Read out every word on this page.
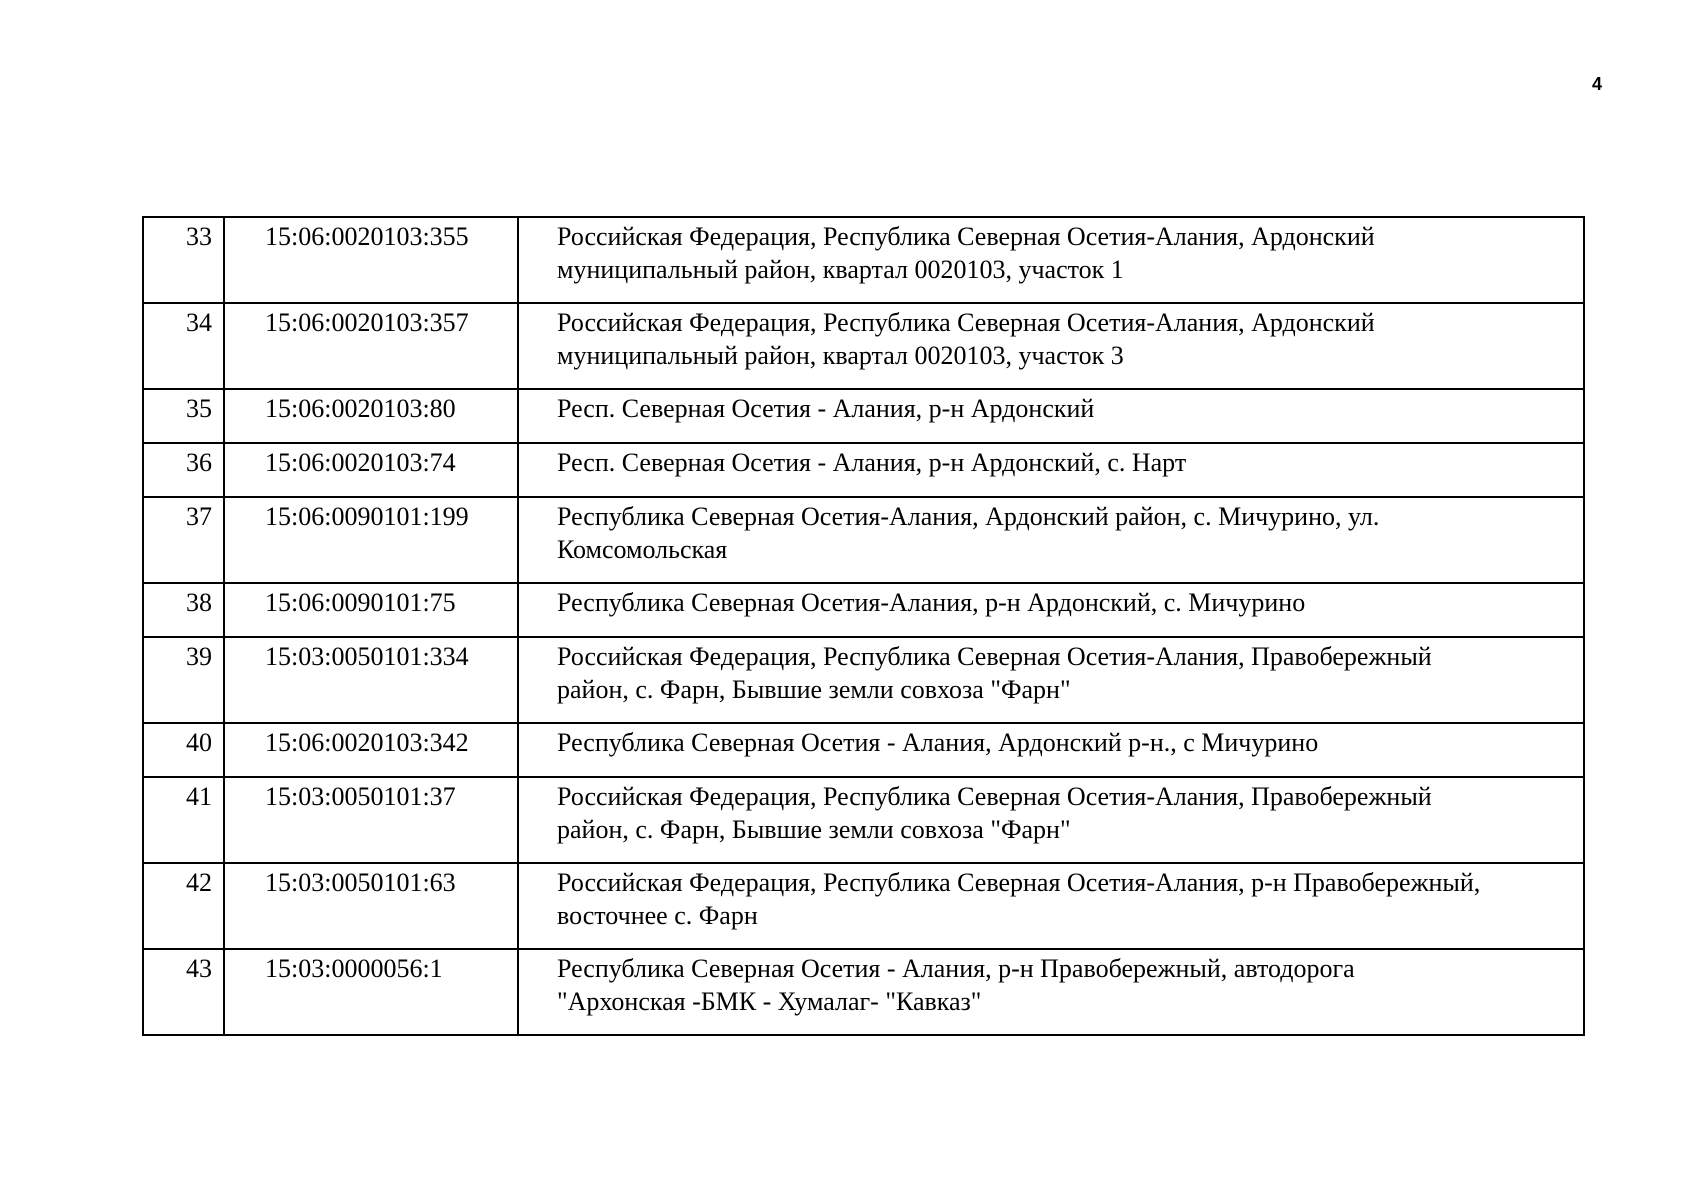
4
33	15:06:0020103:355	Российская Федерация, Республика Северная Осетия-Алания, Ардонский
муниципальный район, квартал 0020103, участок 1
34	15:06:0020103:357	Российская Федерация, Республика Северная Осетия-Алания, Ардонский
муниципальный район, квартал 0020103, участок 3
35	15:06:0020103:80	Респ. Северная Осетия - Алания, р-н Ардонский
36	15:06:0020103:74	Респ. Северная Осетия - Алания, р-н Ардонский, с. Нарт
37	15:06:0090101:199	Республика Северная Осетия-Алания, Ардонский район, с. Мичурино, ул.
Комсомольская
38	15:06:0090101:75	Республика Северная Осетия-Алания, р-н Ардонский, с. Мичурино
39	15:03:0050101:334	Российская Федерация, Республика Северная Осетия-Алания, Правобережный
район, с. Фарн, Бывшие земли совхоза "Фарн"
40	15:06:0020103:342	Республика Северная Осетия - Алания, Ардонский р-н., с Мичурино
41	15:03:0050101:37	Российская Федерация, Республика Северная Осетия-Алания, Правобережный
район, с. Фарн, Бывшие земли совхоза "Фарн"
42	15:03:0050101:63	Российская Федерация, Республика Северная Осетия-Алания, р-н Правобережный,
восточнее с. Фарн
43	15:03:0000056:1	Республика Северная Осетия - Алания, р-н Правобережный, автодорога
"Архонская -БМК - Хумалаг- "Кавказ"
